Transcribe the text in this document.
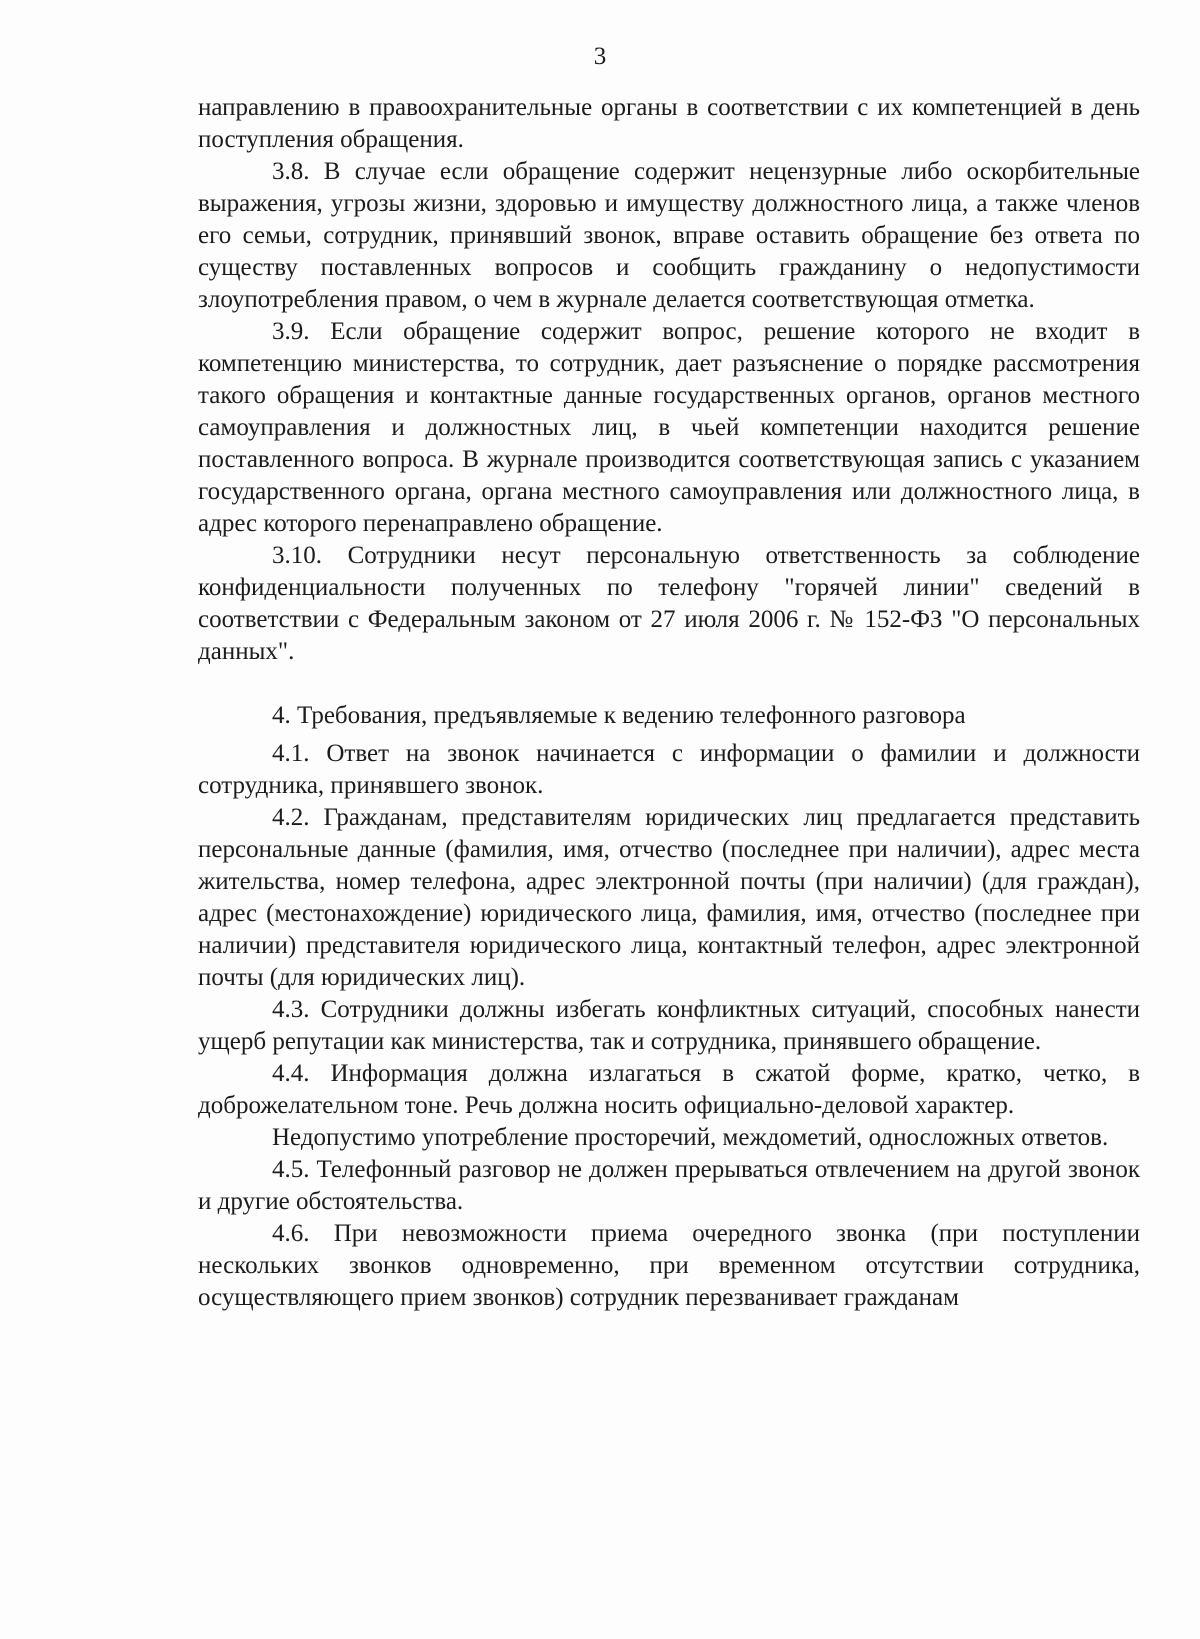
3

направлению в правоохранительные органы в соответствии с их компетенцией в день поступления обращения.

3.8. В случае если обращение содержит нецензурные либо оскорбительные выражения, угрозы жизни, здоровью и имуществу должностного лица, а также членов его семьи, сотрудник, принявший звонок, вправе оставить обращение без ответа по существу поставленных вопросов и сообщить гражданину о недопустимости злоупотребления правом, о чем в журнале делается соответствующая отметка.

3.9. Если обращение содержит вопрос, решение которого не входит в компетенцию министерства, то сотрудник, дает разъяснение о порядке рассмотрения такого обращения и контактные данные государственных органов, органов местного самоуправления и должностных лиц, в чьей компетенции находится решение поставленного вопроса. В журнале производится соответствующая запись с указанием государственного органа, органа местного самоуправления или должностного лица, в адрес которого перенаправлено обращение.

3.10. Сотрудники несут персональную ответственность за соблюдение конфиденциальности полученных по телефону "горячей линии" сведений в соответствии с Федеральным законом от 27 июля 2006 г. № 152-ФЗ "О персональных данных".

4. Требования, предъявляемые к ведению телефонного разговора

4.1. Ответ на звонок начинается с информации о фамилии и должности сотрудника, принявшего звонок.

4.2. Гражданам, представителям юридических лиц предлагается представить персональные данные (фамилия, имя, отчество (последнее при наличии), адрес места жительства, номер телефона, адрес электронной почты (при наличии) (для граждан), адрес (местонахождение) юридического лица, фамилия, имя, отчество (последнее при наличии) представителя юридического лица, контактный телефон, адрес электронной почты (для юридических лиц).

4.3. Сотрудники должны избегать конфликтных ситуаций, способных нанести ущерб репутации как министерства, так и сотрудника, принявшего обращение.

4.4. Информация должна излагаться в сжатой форме, кратко, четко, в доброжелательном тоне. Речь должна носить официально-деловой характер.

Недопустимо употребление просторечий, междометий, односложных ответов.

4.5. Телефонный разговор не должен прерываться отвлечением на другой звонок и другие обстоятельства.

4.6. При невозможности приема очередного звонка (при поступлении нескольких звонков одновременно, при временном отсутствии сотрудника, осуществляющего прием звонков) сотрудник перезванивает гражданам
